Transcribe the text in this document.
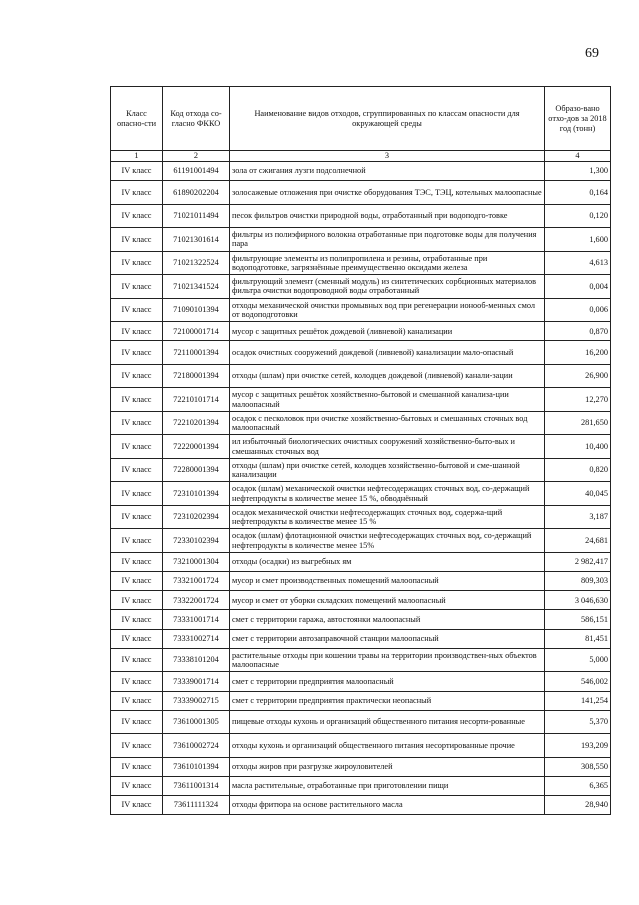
69
Класс опасно-сти	Код отхода со-гласно ФККО	Наименование видов отходов, сгруппированных по классам опасности для окружающей среды	Образо-вано отхо-дов за 2018 год (тонн)
1	2	3	4
IV класс	61191001494	зола от сжигания лузги подсолнечной	1,300
IV класс	61890202204	золосажевые отложения при очистке оборудования ТЭС, ТЭЦ, котельных малоопасные	0,164
IV класс	71021011494	песок фильтров очистки природной воды, отработанный при водоподго-товке	0,120
IV класс	71021301614	фильтры из полиэфирного волокна отработанные при подготовке воды для получения пара	1,600
IV класс	71021322524	фильтрующие элементы из полипропилена и резины, отработанные при водоподготовке, загрязнённые преимущественно оксидами железа	4,613
IV класс	71021341524	фильтрующий элемент (сменный модуль) из синтетических сорбционных материалов фильтра очистки водопроводной воды отработанный	0,004
IV класс	71090101394	отходы механической очистки промывных вод при регенерации ионооб-менных смол от водоподготовки	0,006
IV класс	72100001714	мусор с защитных решёток дождевой (ливневой) канализации	0,870
IV класс	72110001394	осадок очистных сооружений дождевой (ливневой) канализации мало-опасный	16,200
IV класс	72180001394	отходы (шлам) при очистке сетей, колодцев дождевой (ливневой) канали-зации	26,900
IV класс	72210101714	мусор с защитных решёток хозяйственно-бытовой и смешанной канализа-ции малоопасный	12,270
IV класс	72210201394	осадок с песколовок при очистке хозяйственно-бытовых и смешанных сточных вод малоопасный	281,650
IV класс	72220001394	ил избыточный биологических очистных сооружений хозяйственно-быто-вых и смешанных сточных вод	10,400
IV класс	72280001394	отходы (шлам) при очистке сетей, колодцев хозяйственно-бытовой и сме-шанной канализации	0,820
IV класс	72310101394	осадок (шлам) механической очистки нефтесодержащих сточных вод, со-держащий нефтепродукты в количестве менее 15 %, обводнённый	40,045
IV класс	72310202394	осадок механической очистки нефтесодержащих сточных вод, содержа-щий нефтепродукты в количестве менее 15 %	3,187
IV класс	72330102394	осадок (шлам) флотационной очистки нефтесодержащих сточных вод, со-держащий нефтепродукты в количестве менее 15%	24,681
IV класс	73210001304	отходы (осадки) из выгребных ям	2 982,417
IV класс	73321001724	мусор и смет производственных помещений малоопасный	809,303
IV класс	73322001724	мусор и смет от уборки складских помещений малоопасный	3 046,630
IV класс	73331001714	смет с территории гаража, автостоянки малоопасный	586,151
IV класс	73331002714	смет с территории автозаправочной станции малоопасный	81,451
IV класс	73338101204	растительные отходы при кошении травы на территории производствен-ных объектов малоопасные	5,000
IV класс	73339001714	смет с территории предприятия малоопасный	546,002
IV класс	73339002715	смет с территории предприятия практически неопасный	141,254
IV класс	73610001305	пищевые отходы кухонь и организаций общественного питания несорти-рованные	5,370
IV класс	73610002724	отходы кухонь и организаций общественного питания несортированные прочие	193,209
IV класс	73610101394	отходы жиров при разгрузке жироуловителей	308,550
IV класс	73611001314	масла растительные, отработанные при приготовлении пищи	6,365
IV класс	73611111324	отходы фритюра на основе растительного масла	28,940
